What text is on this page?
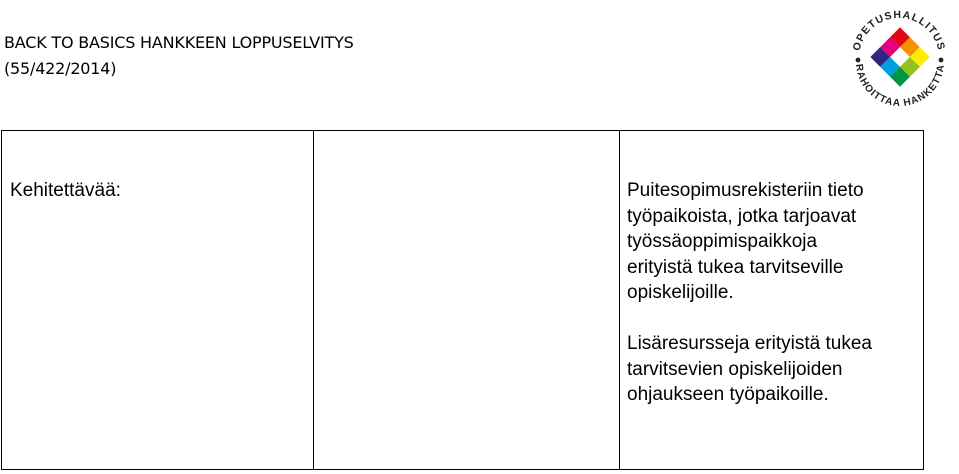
BACK TO BASICS HANKKEEN LOPPUSELVITYS
(55/422/2014)
OPETUSHALLITUS
RAHOITTAA HANKETTA
Kehitettävää:	Puitesopimusrekisteriin tieto
työpaikoista, jotka tarjoavat
työssäoppimispaikkoja
erityistä tukea tarvitseville
opiskelijoille.

Lisäresursseja erityistä tukea
tarvitsevien opiskelijoiden
ohjaukseen työpaikoille.
